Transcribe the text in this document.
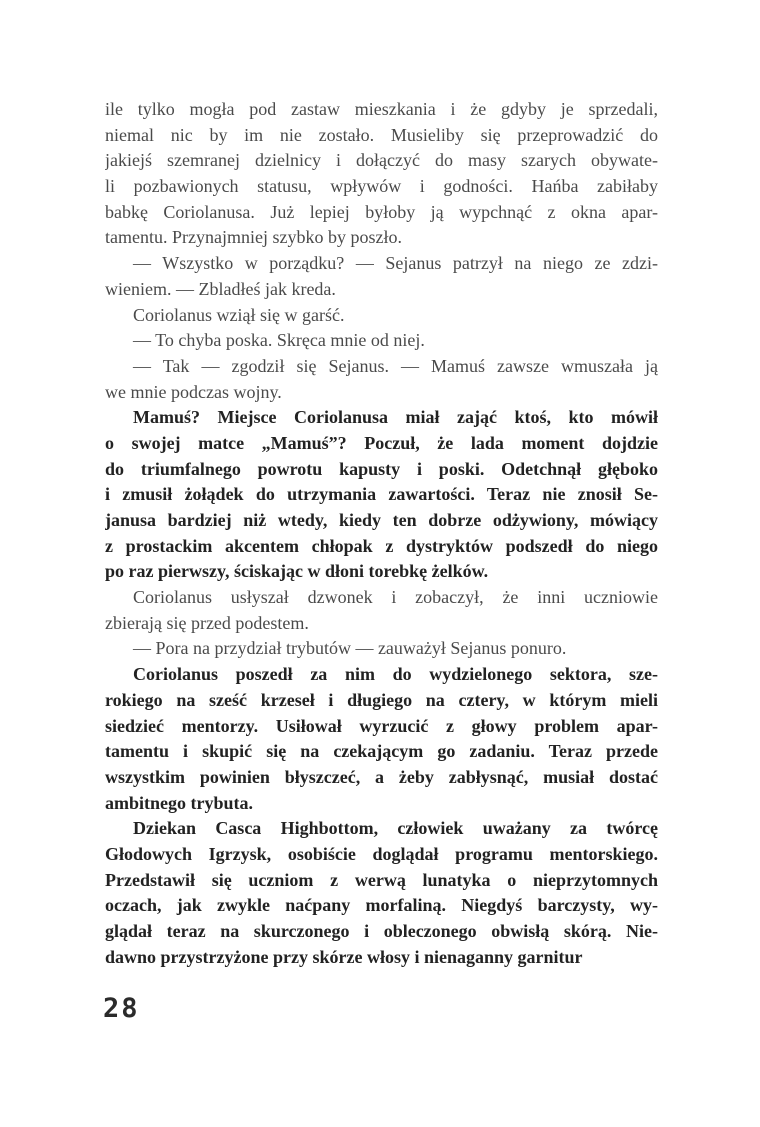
ile tylko mogła pod zastaw mieszkania i że gdyby je sprzedali,
niemal nic by im nie zostało. Musieliby się przeprowadzić do
jakiejś szemranej dzielnicy i dołączyć do masy szarych obywate-
li pozbawionych statusu, wpływów i godności. Hańba zabiłaby
babkę Coriolanusa. Już lepiej byłoby ją wypchnąć z okna apar-
tamentu. Przynajmniej szybko by poszło.

— Wszystko w porządku? — Sejanus patrzył na niego ze zdzi-
wieniem. — Zbladłeś jak kreda.

Coriolanus wziął się w garść.

— To chyba poska. Skręca mnie od niej.

— Tak — zgodził się Sejanus. — Mamuś zawsze wmuszała ją
we mnie podczas wojny.

Mamuś? Miejsce Coriolanusa miał zająć ktoś, kto mówił
o swojej matce „Mamuś”? Poczuł, że lada moment dojdzie
do triumfalnego powrotu kapusty i poski. Odetchnął głęboko
i zmusił żołądek do utrzymania zawartości. Teraz nie znosił Se-
janusa bardziej niż wtedy, kiedy ten dobrze odżywiony, mówiący
z prostackim akcentem chłopak z dystryktów podszedł do niego
po raz pierwszy, ściskając w dłoni torebkę żelków.

Coriolanus usłyszał dzwonek i zobaczył, że inni uczniowie
zbierają się przed podestem.

— Pora na przydział trybutów — zauważył Sejanus ponuro.

Coriolanus poszedł za nim do wydzielonego sektora, sze-
rokiego na sześć krzeseł i długiego na cztery, w którym mieli
siedzieć mentorzy. Usiłował wyrzucić z głowy problem apar-
tamentu i skupić się na czekającym go zadaniu. Teraz przede
wszystkim powinien błyszczeć, a żeby zabłysnąć, musiał dostać
ambitnego trybuta.

Dziekan Casca Highbottom, człowiek uważany za twórcę
Głodowych Igrzysk, osobiście doglądał programu mentorskiego.
Przedstawił się uczniom z werwą lunatyka o nieprzytomnych
oczach, jak zwykle naćpany morfaliną. Niegdyś barczysty, wy-
glądał teraz na skurczonego i obleczonego obwisłą skórą. Nie-
dawno przystrzyżone przy skórze włosy i nienaganny garnitur

28
